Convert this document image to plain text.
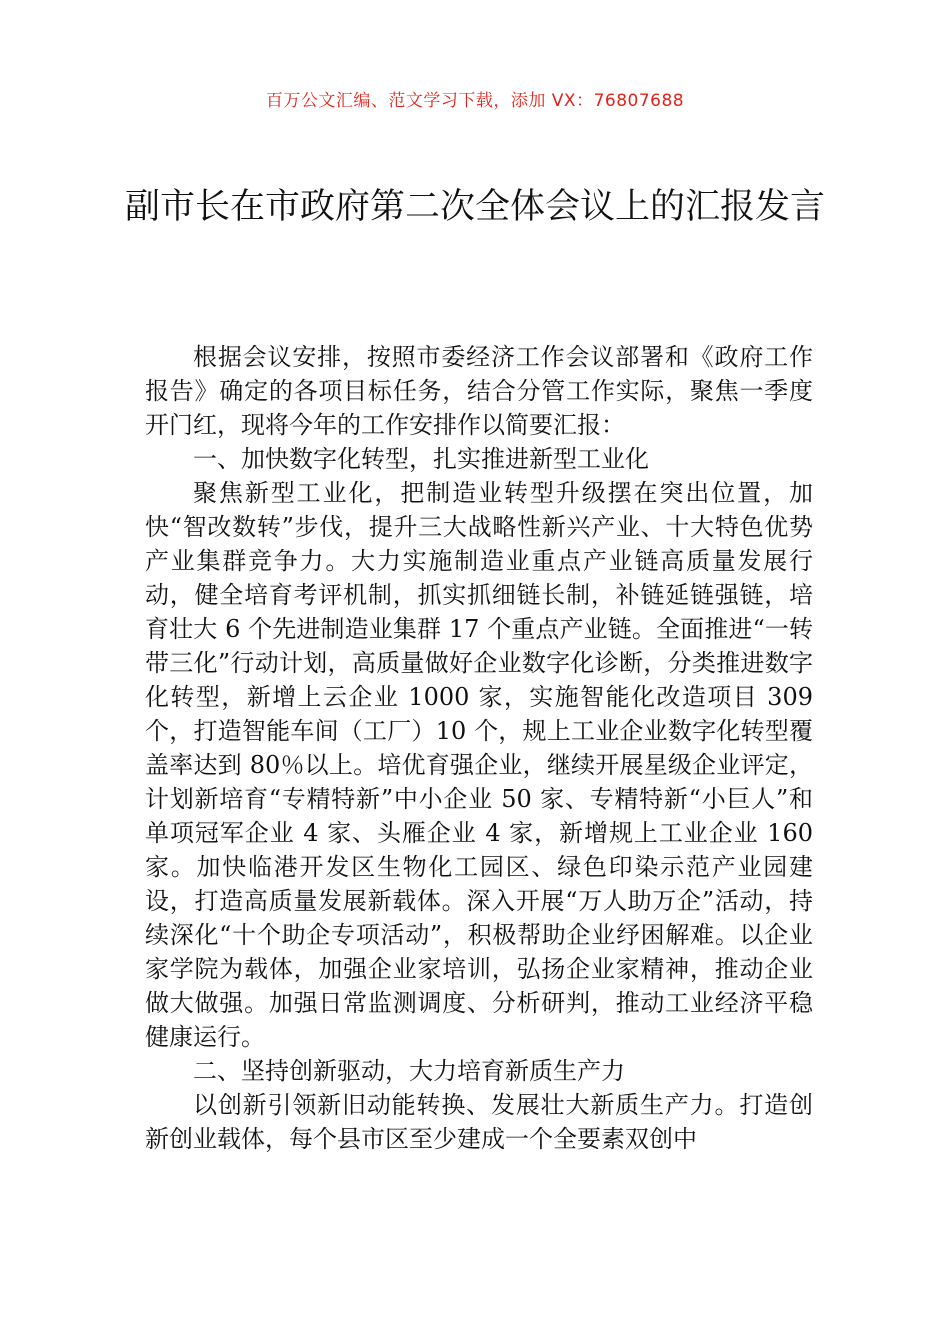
百万公文汇编、范文学习下载，添加 VX：76807688
副市长在市政府第二次全体会议上的汇报发言

根据会议安排，按照市委经济工作会议部署和《政府工作报告》确定的各项目标任务，结合分管工作实际，聚焦一季度开门红，现将今年的工作安排作以简要汇报：

一、加快数字化转型，扎实推进新型工业化

聚焦新型工业化，把制造业转型升级摆在突出位置，加快“智改数转”步伐，提升三大战略性新兴产业、十大特色优势产业集群竞争力。大力实施制造业重点产业链高质量发展行动，健全培育考评机制，抓实抓细链长制，补链延链强链，培育壮大 6 个先进制造业集群 17 个重点产业链。全面推进“一转带三化”行动计划，高质量做好企业数字化诊断，分类推进数字化转型，新增上云企业 1000 家，实施智能化改造项目 309 个，打造智能车间（工厂）10 个，规上工业企业数字化转型覆盖率达到 80％以上。培优育强企业，继续开展星级企业评定，计划新培育“专精特新”中小企业 50 家、专精特新“小巨人”和单项冠军企业 4 家、头雁企业 4 家，新增规上工业企业 160 家。加快临港开发区生物化工园区、绿色印染示范产业园建设，打造高质量发展新载体。深入开展“万人助万企”活动，持续深化“十个助企专项活动”，积极帮助企业纾困解难。以企业家学院为载体，加强企业家培训，弘扬企业家精神，推动企业做大做强。加强日常监测调度、分析研判，推动工业经济平稳健康运行。

二、坚持创新驱动，大力培育新质生产力

以创新引领新旧动能转换、发展壮大新质生产力。打造创新创业载体，每个县市区至少建成一个全要素双创中
